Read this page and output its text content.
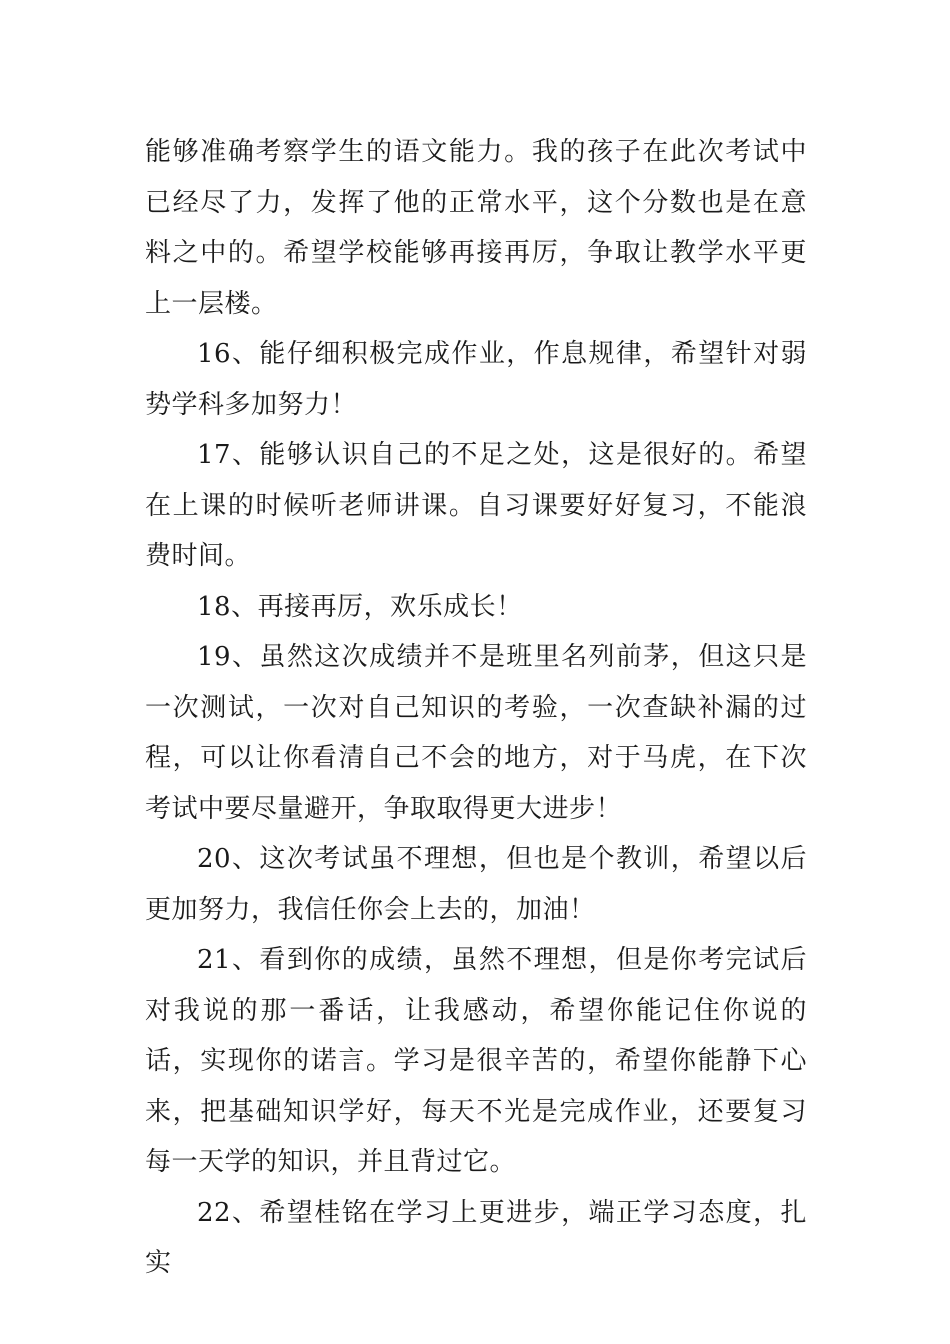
能够准确考察学生的语文能力。我的孩子在此次考试中已经尽了力，发挥了他的正常水平，这个分数也是在意料之中的。希望学校能够再接再厉，争取让教学水平更上一层楼。

16、能仔细积极完成作业，作息规律，希望针对弱势学科多加努力！

17、能够认识自己的不足之处，这是很好的。希望在上课的时候听老师讲课。自习课要好好复习，不能浪费时间。

18、再接再厉，欢乐成长！

19、虽然这次成绩并不是班里名列前茅，但这只是一次测试，一次对自己知识的考验，一次查缺补漏的过程，可以让你看清自己不会的地方，对于马虎，在下次考试中要尽量避开，争取取得更大进步！

20、这次考试虽不理想，但也是个教训，希望以后更加努力，我信任你会上去的，加油！

21、看到你的成绩，虽然不理想，但是你考完试后对我说的那一番话，让我感动，希望你能记住你说的话，实现你的诺言。学习是很辛苦的，希望你能静下心来，把基础知识学好，每天不光是完成作业，还要复习每一天学的知识，并且背过它。

22、希望桂铭在学习上更进步，端正学习态度，扎实
